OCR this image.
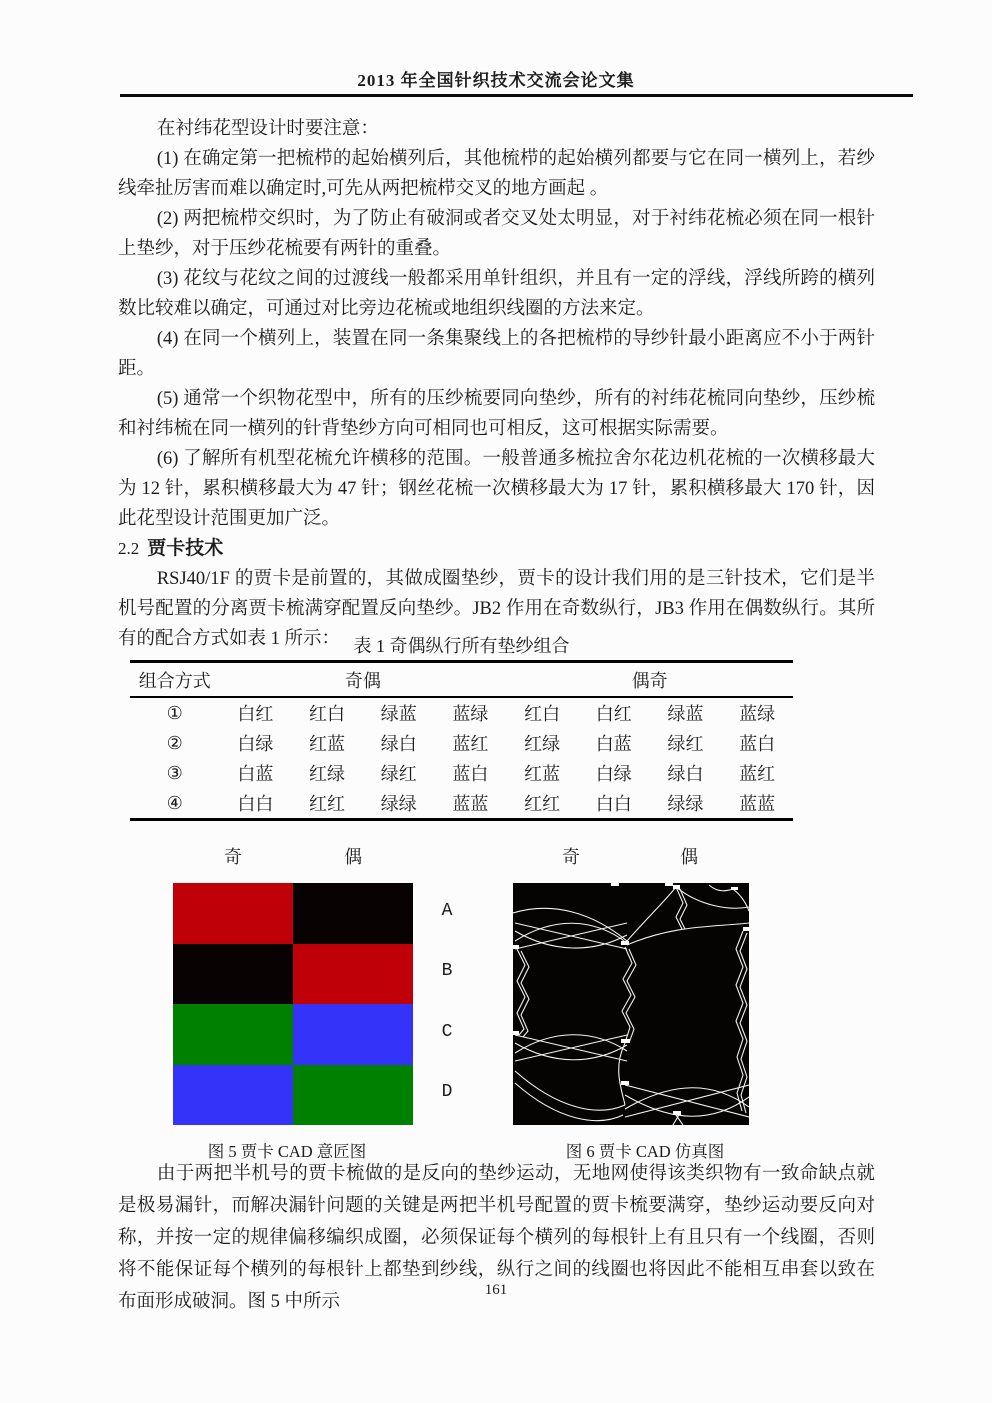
2013 年全国针织技术交流会论文集

在衬纬花型设计时要注意：

(1) 在确定第一把梳栉的起始横列后，其他梳栉的起始横列都要与它在同一横列上，若纱线牵扯厉害而难以确定时,可先从两把梳栉交叉的地方画起 。

(2) 两把梳栉交织时，为了防止有破洞或者交叉处太明显，对于衬纬花梳必须在同一根针上垫纱，对于压纱花梳要有两针的重叠。

(3) 花纹与花纹之间的过渡线一般都采用单针组织，并且有一定的浮线，浮线所跨的横列数比较难以确定，可通过对比旁边花梳或地组织线圈的方法来定。

(4) 在同一个横列上，装置在同一条集聚线上的各把梳栉的导纱针最小距离应不小于两针距。

(5) 通常一个织物花型中，所有的压纱梳要同向垫纱，所有的衬纬花梳同向垫纱，压纱梳和衬纬梳在同一横列的针背垫纱方向可相同也可相反，这可根据实际需要。

(6) 了解所有机型花梳允许横移的范围。一般普通多梳拉舍尔花边机花梳的一次横移最大为 12 针，累积横移最大为 47 针；钢丝花梳一次横移最大为 17 针，累积横移最大 170 针，因此花型设计范围更加广泛。

2.2 贾卡技术

RSJ40/1F 的贾卡是前置的，其做成圈垫纱，贾卡的设计我们用的是三针技术，它们是半机号配置的分离贾卡梳满穿配置反向垫纱。JB2 作用在奇数纵行，JB3 作用在偶数纵行。其所有的配合方式如表 1 所示： 表 1 奇偶纵行所有垫纱组合
组合方式	奇偶				偶奇			
①	白红	红白	绿蓝	蓝绿	红白	白红	绿蓝	蓝绿
②	白绿	红蓝	绿白	蓝红	红绿	白蓝	绿红	蓝白
③	白蓝	红绿	绿红	蓝白	红蓝	白绿	绿白	蓝红
④	白白	红红	绿绿	蓝蓝	红红	白白	绿绿	蓝蓝
奇	偶	奇	偶
A
B
C
D
图 5 贾卡 CAD 意匠图	图 6 贾卡 CAD 仿真图

由于两把半机号的贾卡梳做的是反向的垫纱运动，无地网使得该类织物有一致命缺点就是极易漏针，而解决漏针问题的关键是两把半机号配置的贾卡梳要满穿，垫纱运动要反向对称，并按一定的规律偏移编织成圈，必须保证每个横列的每根针上有且只有一个线圈，否则将不能保证每个横列的每根针上都垫到纱线，纵行之间的线圈也将因此不能相互串套以致在布面形成破洞。图 5 中所示

161
